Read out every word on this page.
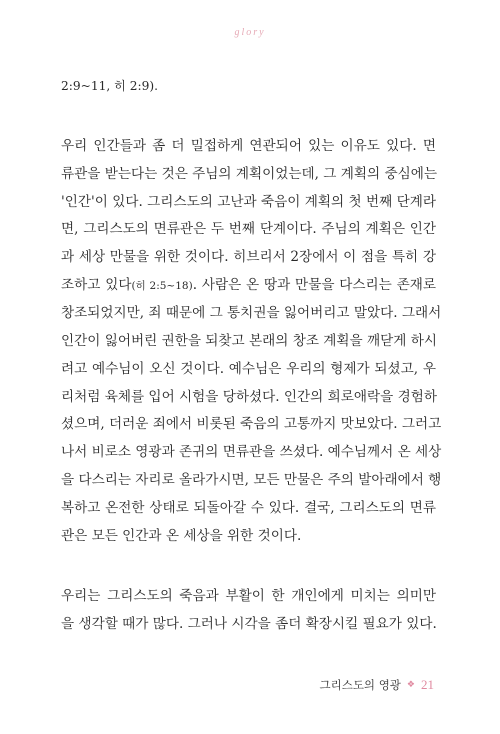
glory
2:9~11, 히 2:9).
우리 인간들과 좀 더 밀접하게 연관되어 있는 이유도 있다. 면
류관을 받는다는 것은 주님의 계획이었는데, 그 계획의 중심에는
'인간'이 있다. 그리스도의 고난과 죽음이 계획의 첫 번째 단계라
면, 그리스도의 면류관은 두 번째 단계이다. 주님의 계획은 인간
과 세상 만물을 위한 것이다. 히브리서 2장에서 이 점을 특히 강
조하고 있다(히 2:5~18). 사람은 온 땅과 만물을 다스리는 존재로
창조되었지만, 죄 때문에 그 통치권을 잃어버리고 말았다. 그래서
인간이 잃어버린 권한을 되찾고 본래의 창조 계획을 깨닫게 하시
려고 예수님이 오신 것이다. 예수님은 우리의 형제가 되셨고, 우
리처럼 육체를 입어 시험을 당하셨다. 인간의 희로애락을 경험하
셨으며, 더러운 죄에서 비롯된 죽음의 고통까지 맛보았다. 그러고
나서 비로소 영광과 존귀의 면류관을 쓰셨다. 예수님께서 온 세상
을 다스리는 자리로 올라가시면, 모든 만물은 주의 발아래에서 행
복하고 온전한 상태로 되돌아갈 수 있다. 결국, 그리스도의 면류
관은 모든 인간과 온 세상을 위한 것이다.
우리는 그리스도의 죽음과 부활이 한 개인에게 미치는 의미만
을 생각할 때가 많다. 그러나 시각을 좀더 확장시킬 필요가 있다.
그리스도의 영광 ❖ 21
